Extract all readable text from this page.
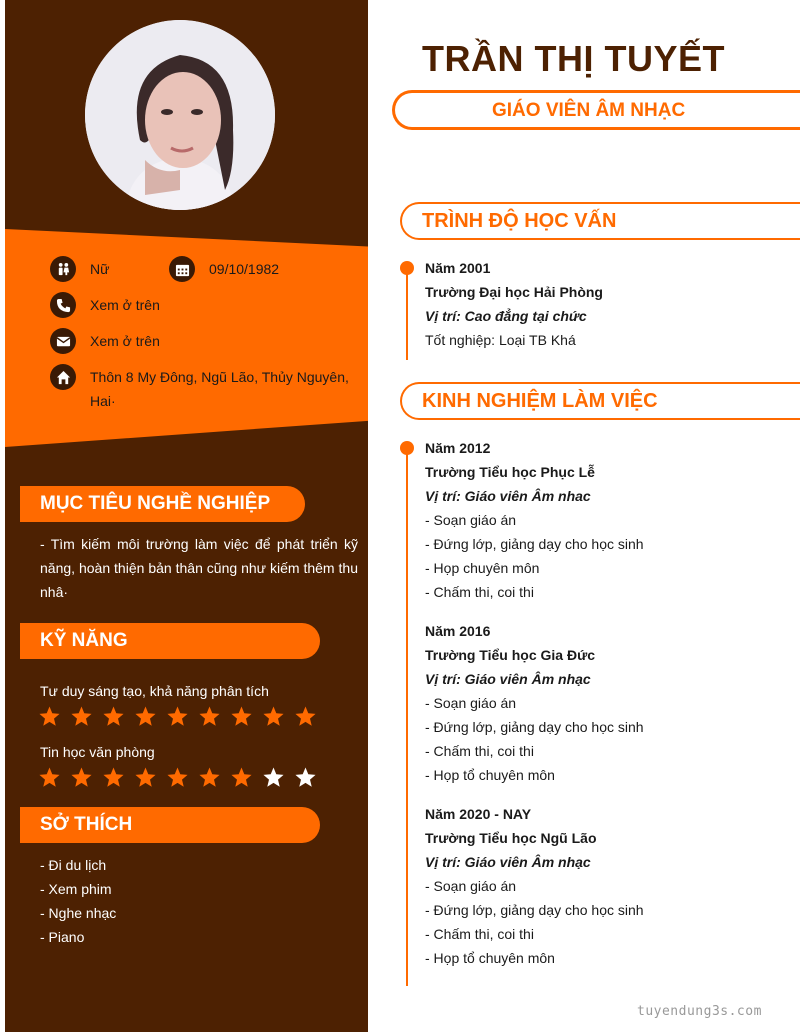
Nữ	09/10/1982
Xem ở trên
Xem ở trên
Thôn 8 My Đông, Ngũ Lão, Thủy Nguyên, Hai·
MỤC TIÊU NGHỀ NGHIỆP
- Tìm kiếm môi trường làm việc để phát triển kỹ năng, hoàn thiện bản thân cũng như kiếm thêm thu nhâ·
KỸ NĂNG
Tư duy sáng tạo, khả năng phân tích
Tin học văn phòng
SỞ THÍCH
- Đi du lịch
- Xem phim
- Nghe nhạc
- Piano
TRẦN THỊ TUYẾT
GIÁO VIÊN ÂM NHẠC
TRÌNH ĐỘ HỌC VẤN
Năm 2001
Trường Đại học Hải Phòng
Vị trí: Cao đẳng tại chức
Tốt nghiệp: Loại TB Khá
KINH NGHIỆM LÀM VIỆC
Năm 2012
Trường Tiểu học Phục Lễ
Vị trí: Giáo viên Âm nhac
- Soạn giáo án
- Đứng lớp, giảng dạy cho học sinh
- Họp chuyên môn
- Chấm thi, coi thi
Năm 2016
Trường Tiểu học Gia Đức
Vị trí: Giáo viên Âm nhạc
- Soạn giáo án
- Đứng lớp, giảng dạy cho học sinh
- Chấm thi, coi thi
- Họp tổ chuyên môn
Năm 2020 - NAY
Trường Tiểu học Ngũ Lão
Vị trí: Giáo viên Âm nhạc
- Soạn giáo án
- Đứng lớp, giảng dạy cho học sinh
- Chấm thi, coi thi
- Họp tổ chuyên môn
tuyendung3s.com
